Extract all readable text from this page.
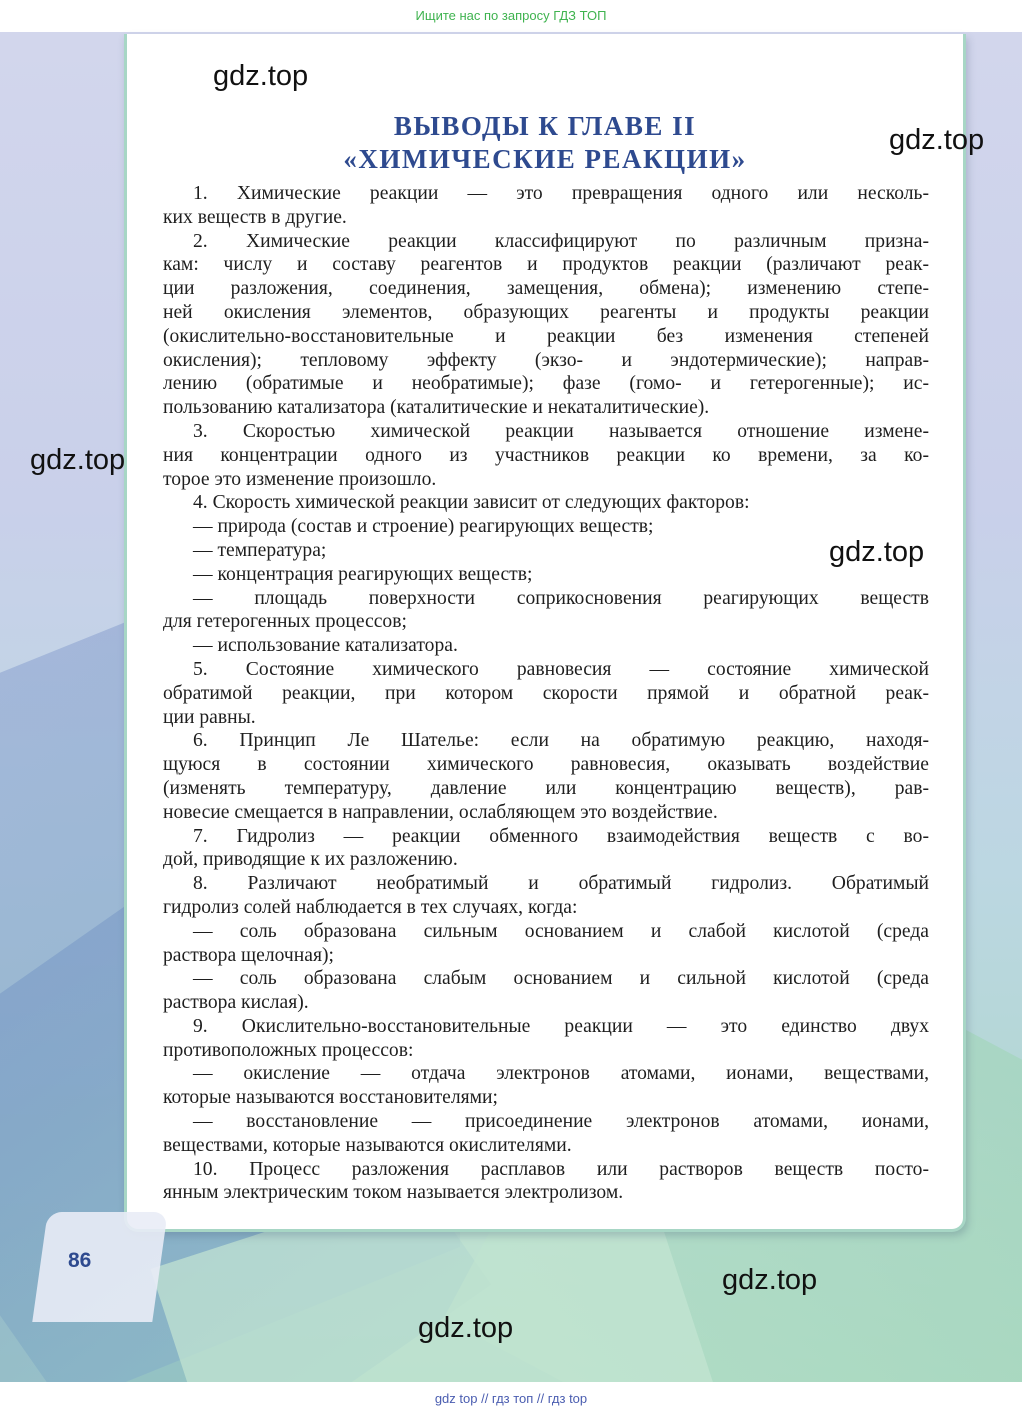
Ищите нас по запросу ГДЗ ТОП
ВЫВОДЫ К ГЛАВЕ II
«ХИМИЧЕСКИЕ РЕАКЦИИ»
1. Химические реакции — это превращения одного или несколь-
ких веществ в другие.
2. Химические реакции классифицируют по различным призна-
кам: числу и составу реагентов и продуктов реакции (различают реак-
ции разложения, соединения, замещения, обмена); изменению степе-
ней окисления элементов, образующих реагенты и продукты реакции
(окислительно-восстановительные и реакции без изменения степеней
окисления); тепловому эффекту (экзо- и эндотермические); направ-
лению (обратимые и необратимые); фазе (гомо- и гетерогенные); ис-
пользованию катализатора (каталитические и некаталитические).
3. Скоростью химической реакции называется отношение измене-
ния концентрации одного из участников реакции ко времени, за ко-
торое это изменение произошло.
4. Скорость химической реакции зависит от следующих факторов:
— природа (состав и строение) реагирующих веществ;
— температура;
— концентрация реагирующих веществ;
— площадь поверхности соприкосновения реагирующих веществ
для гетерогенных процессов;
— использование катализатора.
5. Состояние химического равновесия — состояние химической
обратимой реакции, при котором скорости прямой и обратной реак-
ции равны.
6. Принцип Ле Шателье: если на обратимую реакцию, находя-
щуюся в состоянии химического равновесия, оказывать воздействие
(изменять температуру, давление или концентрацию веществ), рав-
новесие смещается в направлении, ослабляющем это воздействие.
7. Гидролиз — реакции обменного взаимодействия веществ с во-
дой, приводящие к их разложению.
8. Различают необратимый и обратимый гидролиз. Обратимый
гидролиз солей наблюдается в тех случаях, когда:
— соль образована сильным основанием и слабой кислотой (среда
раствора щелочная);
— соль образована слабым основанием и сильной кислотой (среда
раствора кислая).
9. Окислительно-восстановительные реакции — это единство двух
противоположных процессов:
— окисление — отдача электронов атомами, ионами, веществами,
которые называются восстановителями;
— восстановление — присоединение электронов атомами, ионами,
веществами, которые называются окислителями.
10. Процесс разложения расплавов или растворов веществ посто-
янным электрическим током называется электролизом.
86
gdz.top
gdz.top
gdz.top
gdz.top
gdz.top
gdz.top
gdz top // гдз топ // гдз top
